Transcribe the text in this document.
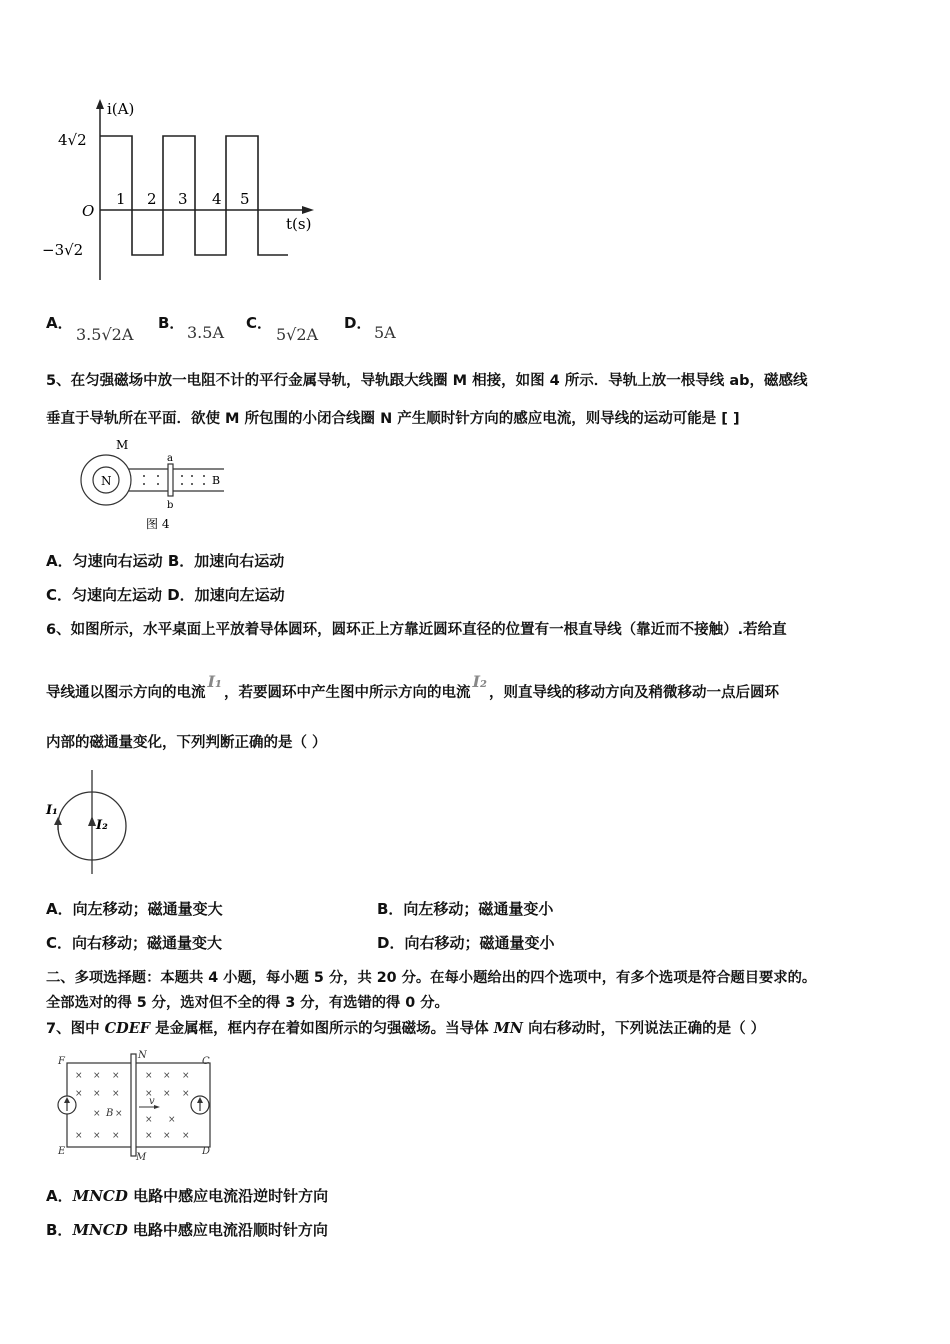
i(A)
t(s)
O
4√2
−3√2
1 2 3 4 5
A．
3.5√2A
B． 3.5A C．
5√2A
D． 5A
5、在匀强磁场中放一电阻不计的平行金属导轨，导轨跟大线圈 M 相接，如图 4 所示．导轨上放一根导线 ab，磁感线
垂直于导轨所在平面．欲使 M 所包围的小闭合线圈 N 产生顺时针方向的感应电流，则导线的运动可能是 [ ]
N
M
a
b
B
图 4
A．匀速向右运动 B．加速向右运动
C．匀速向左运动 D．加速向左运动
6、如图所示，水平桌面上平放着导体圆环，圆环正上方靠近圆环直径的位置有一根直导线（靠近而不接触）.若给直
导线通以图示方向的电流I₁，若要圆环中产生图中所示方向的电流I₂，则直导线的移动方向及稍微移动一点后圆环
内部的磁通量变化，下列判断正确的是（ ）
I₁
I₂
A．向左移动；磁通量变大	B．向左移动；磁通量变小
C．向右移动；磁通量变大	D．向右移动；磁通量变小
二、多项选择题：本题共 4 小题，每小题 5 分，共 20 分。在每小题给出的四个选项中，有多个选项是符合题目要求的。
全部选对的得 5 分，选对但不全的得 3 分，有选错的得 0 分。
7、图中 CDEF 是金属框，框内存在着如图所示的匀强磁场。当导体 MN 向右移动时，下列说法正确的是（ ）
F
N
C
E
M
D
B
v
× × ×	× × ×
× × ×	× × ×
× ×
× ×
× × ×	× × ×
A．MNCD 电路中感应电流沿逆时针方向
B．MNCD 电路中感应电流沿顺时针方向
